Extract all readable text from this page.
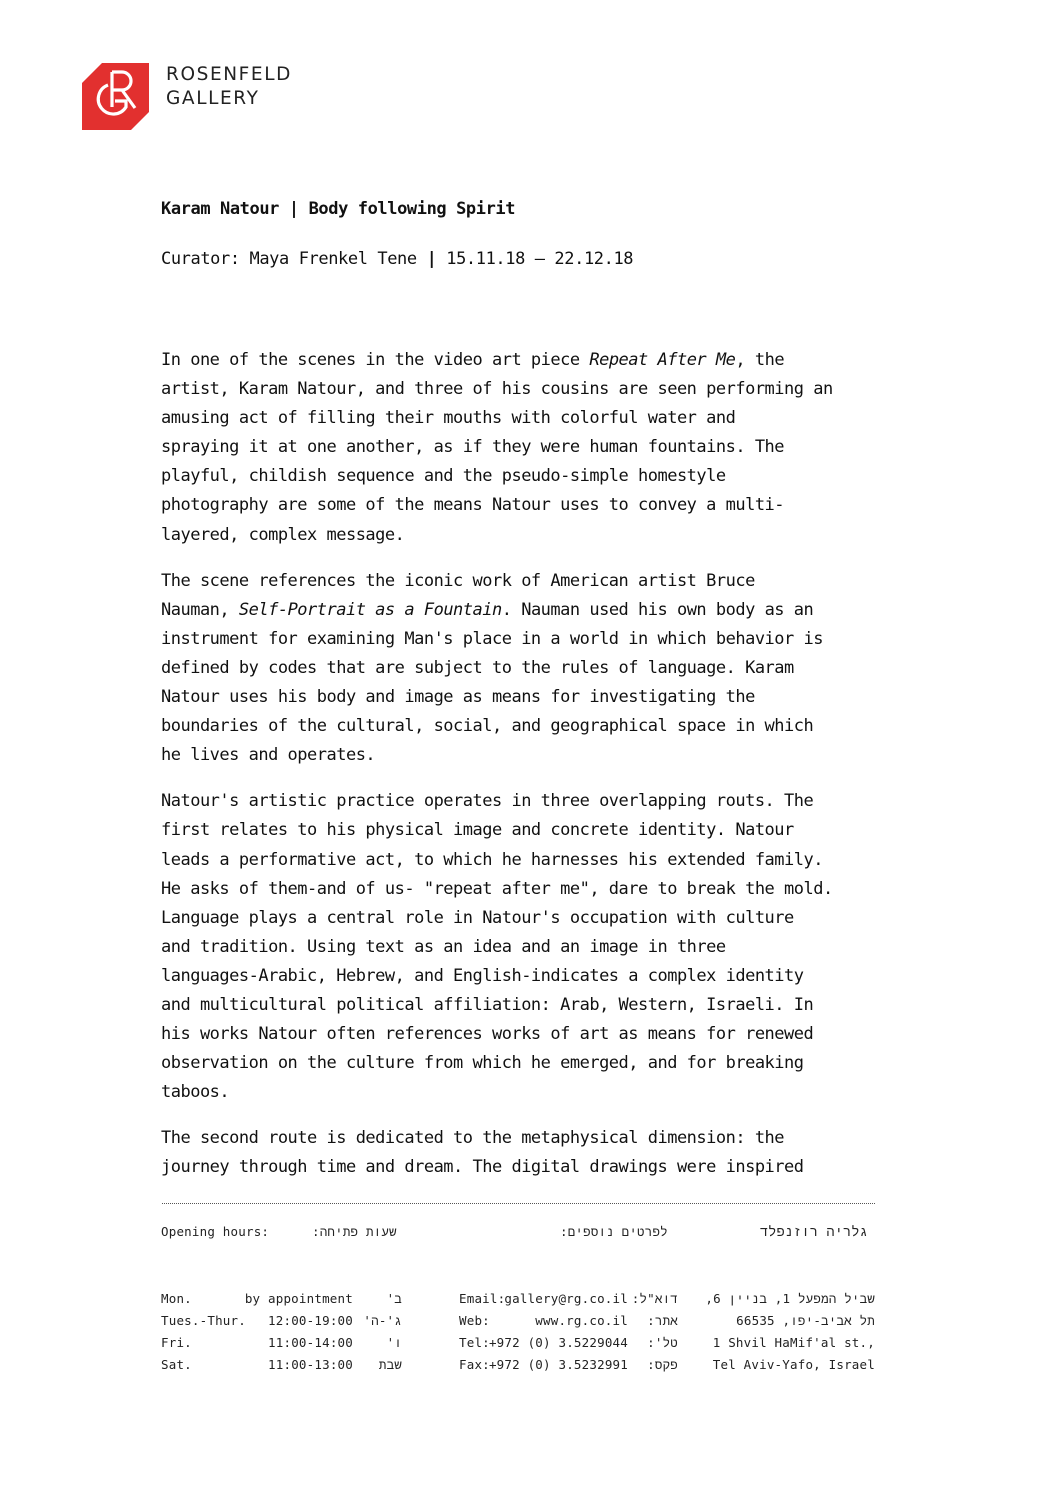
ROSENFELD
GALLERY
Karam Natour | Body following Spirit
Curator: Maya Frenkel Tene | 15.11.18 – 22.12.18
In one of the scenes in the video art piece Repeat After Me, the
artist, Karam Natour, and three of his cousins are seen performing an
amusing act of filling their mouths with colorful water and
spraying it at one another, as if they were human fountains. The
playful, childish sequence and the pseudo-simple homestyle
photography are some of the means Natour uses to convey a multi-
layered, complex message.
The scene references the iconic work of American artist Bruce
Nauman, Self-Portrait as a Fountain. Nauman used his own body as an
instrument for examining Man's place in a world in which behavior is
defined by codes that are subject to the rules of language. Karam
Natour uses his body and image as means for investigating the
boundaries of the cultural, social, and geographical space in which
he lives and operates.
Natour's artistic practice operates in three overlapping routs. The
first relates to his physical image and concrete identity. Natour
leads a performative act, to which he harnesses his extended family.
He asks of them-and of us- "repeat after me", dare to break the mold.
Language plays a central role in Natour's occupation with culture
and tradition. Using text as an idea and an image in three
languages-Arabic, Hebrew, and English-indicates a complex identity
and multicultural political affiliation: Arab, Western, Israeli. In
his works Natour often references works of art as means for renewed
observation on the culture from which he emerged, and for breaking
taboos.
The second route is dedicated to the metaphysical dimension: the
journey through time and dream. The digital drawings were inspired
Opening hours:	שעות פתיחה:	לפרטים נוספים:	גלריה רוזנפלד
Mon.	by appointment	ב'
Tues.-Thur. 12:00-19:00 ג'-ה'
Fri.	11:00-14:00	ו'
Sat.	11:00-13:00 שבת
Email: gallery@rg.co.il דוא"ל:
Web:	www.rg.co.il אתר:
Tel: +972 (0) 3.5229044 טל':
Fax: +972 (0) 3.5232991 פקס:
שביל המפעל 1, בניין 6,
תל אביב-יפו, 66535
1 Shvil HaMif'al st.,
Tel Aviv-Yafo, Israel
